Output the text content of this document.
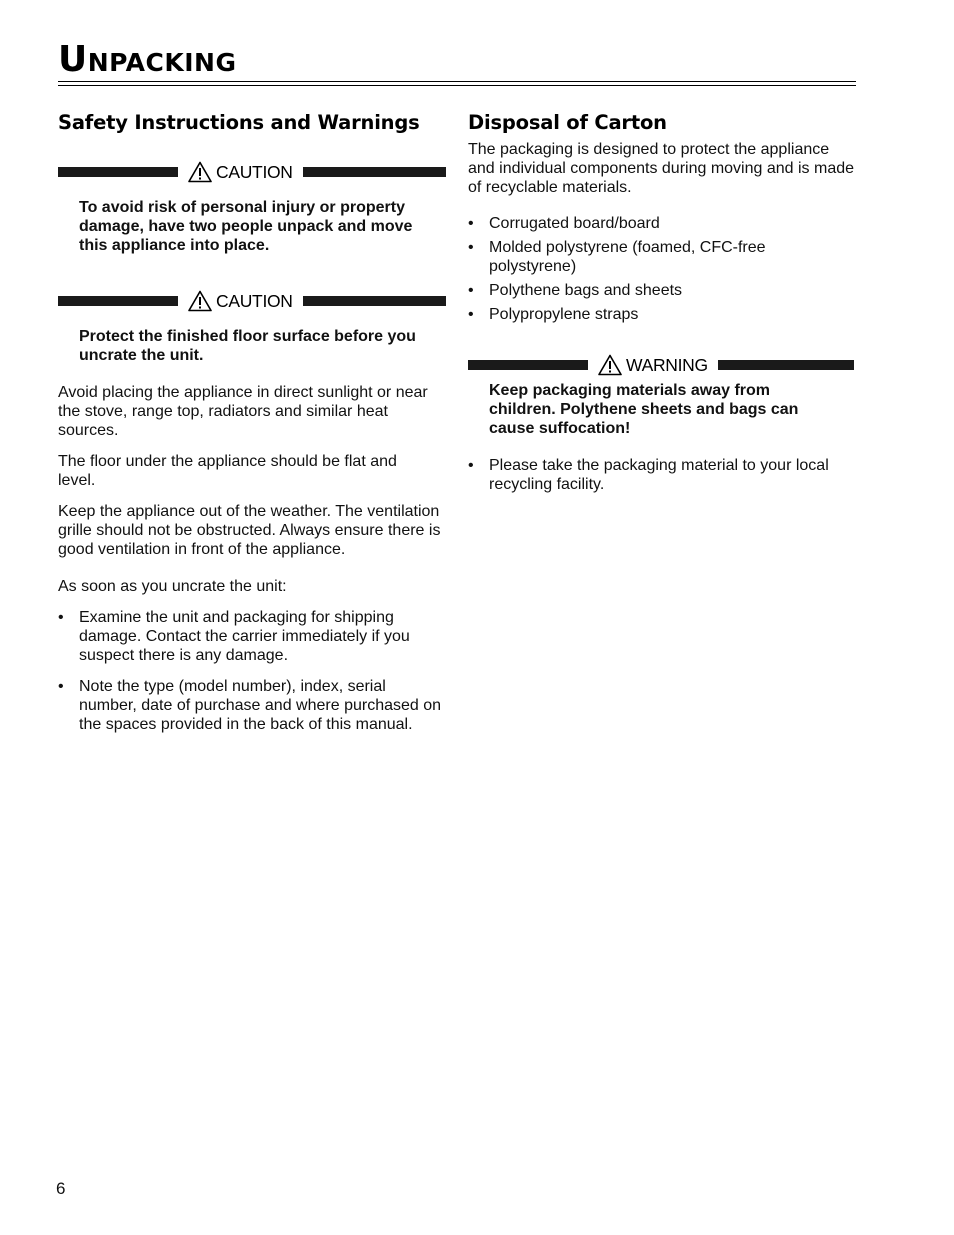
Unpacking
Safety Instructions and Warnings
CAUTION

To avoid risk of personal injury or property damage, have two people unpack and move this appliance into place.

CAUTION

Protect the finished floor surface before you uncrate the unit.

Avoid placing the appliance in direct sunlight or near the stove, range top, radiators and similar heat sources.

The floor under the appliance should be flat and level.

Keep the appliance out of the weather. The ventilation grille should not be obstructed. Always ensure there is good ventilation in front of the appliance.

As soon as you uncrate the unit:

• Examine the unit and packaging for shipping damage. Contact the carrier immediately if you suspect there is any damage.
• Note the type (model number), index, serial number, date of purchase and where purchased on the spaces provided in the back of this manual.
Disposal of Carton

The packaging is designed to protect the appliance and individual components during moving and is made of recyclable materials.

• Corrugated board/board
• Molded polystyrene (foamed, CFC-free polystyrene)
• Polythene bags and sheets
• Polypropylene straps
WARNING

Keep packaging materials away from children. Polythene sheets and bags can cause suffocation!

• Please take the packaging material to your local recycling facility.
6
